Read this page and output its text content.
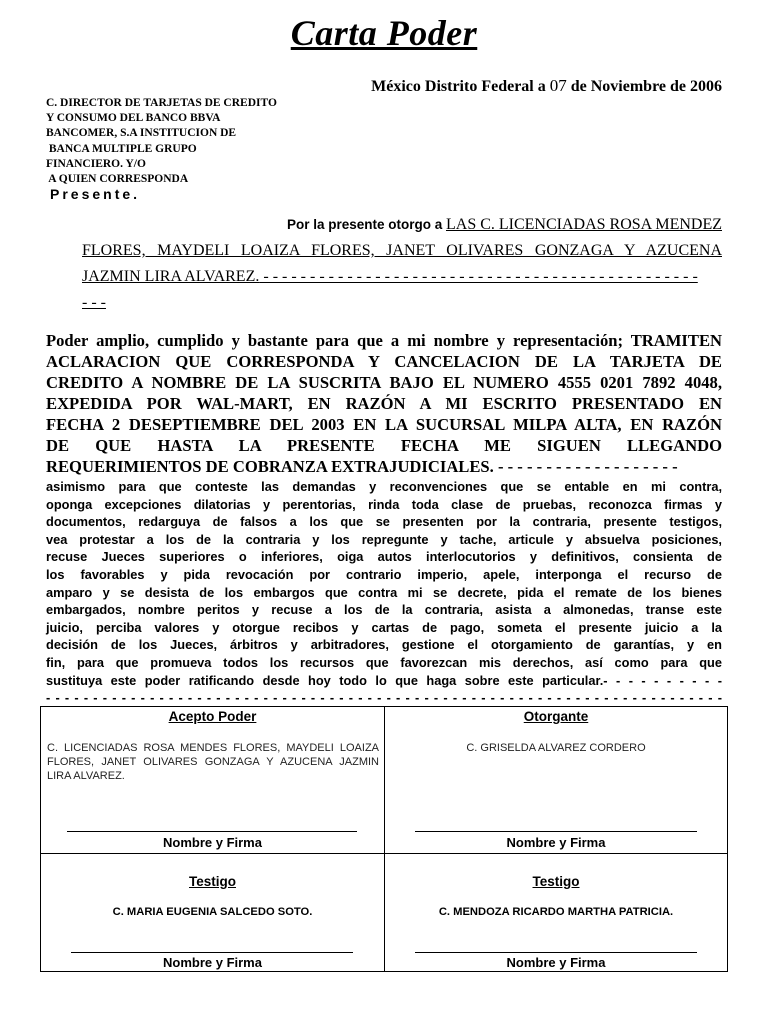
Carta Poder
México Distrito Federal a 07 de Noviembre de 2006
C. DIRECTOR DE TARJETAS DE CREDITO
Y CONSUMO DEL BANCO BBVA
BANCOMER, S.A INSTITUCION DE
BANCA MULTIPLE GRUPO
FINANCIERO. Y/O
A QUIEN CORRESPONDA
Presente.
Por la presente otorgo a LAS C. LICENCIADAS ROSA MENDEZ
FLORES, MAYDELI LOAIZA FLORES, JANET OLIVARES GONZAGA Y AZUCENA
JAZMIN LIRA ALVAREZ. - - - - - - - - - - - - - - - - - - - - - - - - - - - - - - - - - - - - - - - - - - - - - - -
- - -
Poder amplio, cumplido y bastante para que a mi nombre y representación; TRAMITEN
ACLARACION QUE CORRESPONDA Y CANCELACION DE LA TARJETA DE
CREDITO A NOMBRE DE LA SUSCRITA BAJO EL NUMERO 4555 0201 7892 4048,
EXPEDIDA POR WAL-MART, EN RAZÓN A MI ESCRITO PRESENTADO EN
FECHA 2 DESEPTIEMBRE DEL 2003 EN LA SUCURSAL MILPA ALTA, EN RAZÓN
DE QUE HASTA LA PRESENTE FECHA ME SIGUEN LLEGANDO
REQUERIMIENTOS DE COBRANZA EXTRAJUDICIALES. - - - - - - - - - - - - - - - - - - -
asimismo para que conteste las demandas y reconvenciones que se entable en mi contra,
oponga excepciones dilatorias y perentorias, rinda toda clase de pruebas, reconozca firmas y
documentos, redarguya de falsos a los que se presenten por la contraria, presente testigos,
vea protestar a los de la contraria y los repregunte y tache, articule y absuelva posiciones,
recuse Jueces superiores o inferiores, oiga autos interlocutorios y definitivos, consienta de
los favorables y pida revocación por contrario imperio, apele, interponga el recurso de
amparo y se desista de los embargos que contra mi se decrete, pida el remate de los bienes
embargados, nombre peritos y recuse a los de la contraria, asista a almonedas, transe este
juicio, perciba valores y otorgue recibos y cartas de pago, someta el presente juicio a la
decisión de los Jueces, árbitros y arbitradores, gestione el otorgamiento de garantías, y en
fin, para que promueva todos los recursos que favorezcan mis derechos, así como para que
sustituya este poder ratificando desde hoy todo lo que haga sobre este particular.- - - - - - - - - -
- - - - - - - - - - - - - - - - - - - - - - - - - - - - - - - - - - - - - - - - - - - - - - - - - - - - - - - - - - - - - - - - - - - - - - - -
Acepto Poder
C. LICENCIADAS ROSA MENDES FLORES, MAYDELI LOAIZA FLORES, JANET OLIVARES GONZAGA Y AZUCENA JAZMIN LIRA ALVAREZ.
Nombre y Firma
Otorgante
C. GRISELDA ALVAREZ CORDERO
Nombre y Firma
Testigo
C. MARIA EUGENIA SALCEDO SOTO.
Nombre y Firma
Testigo
C. MENDOZA RICARDO MARTHA PATRICIA.
Nombre y Firma
